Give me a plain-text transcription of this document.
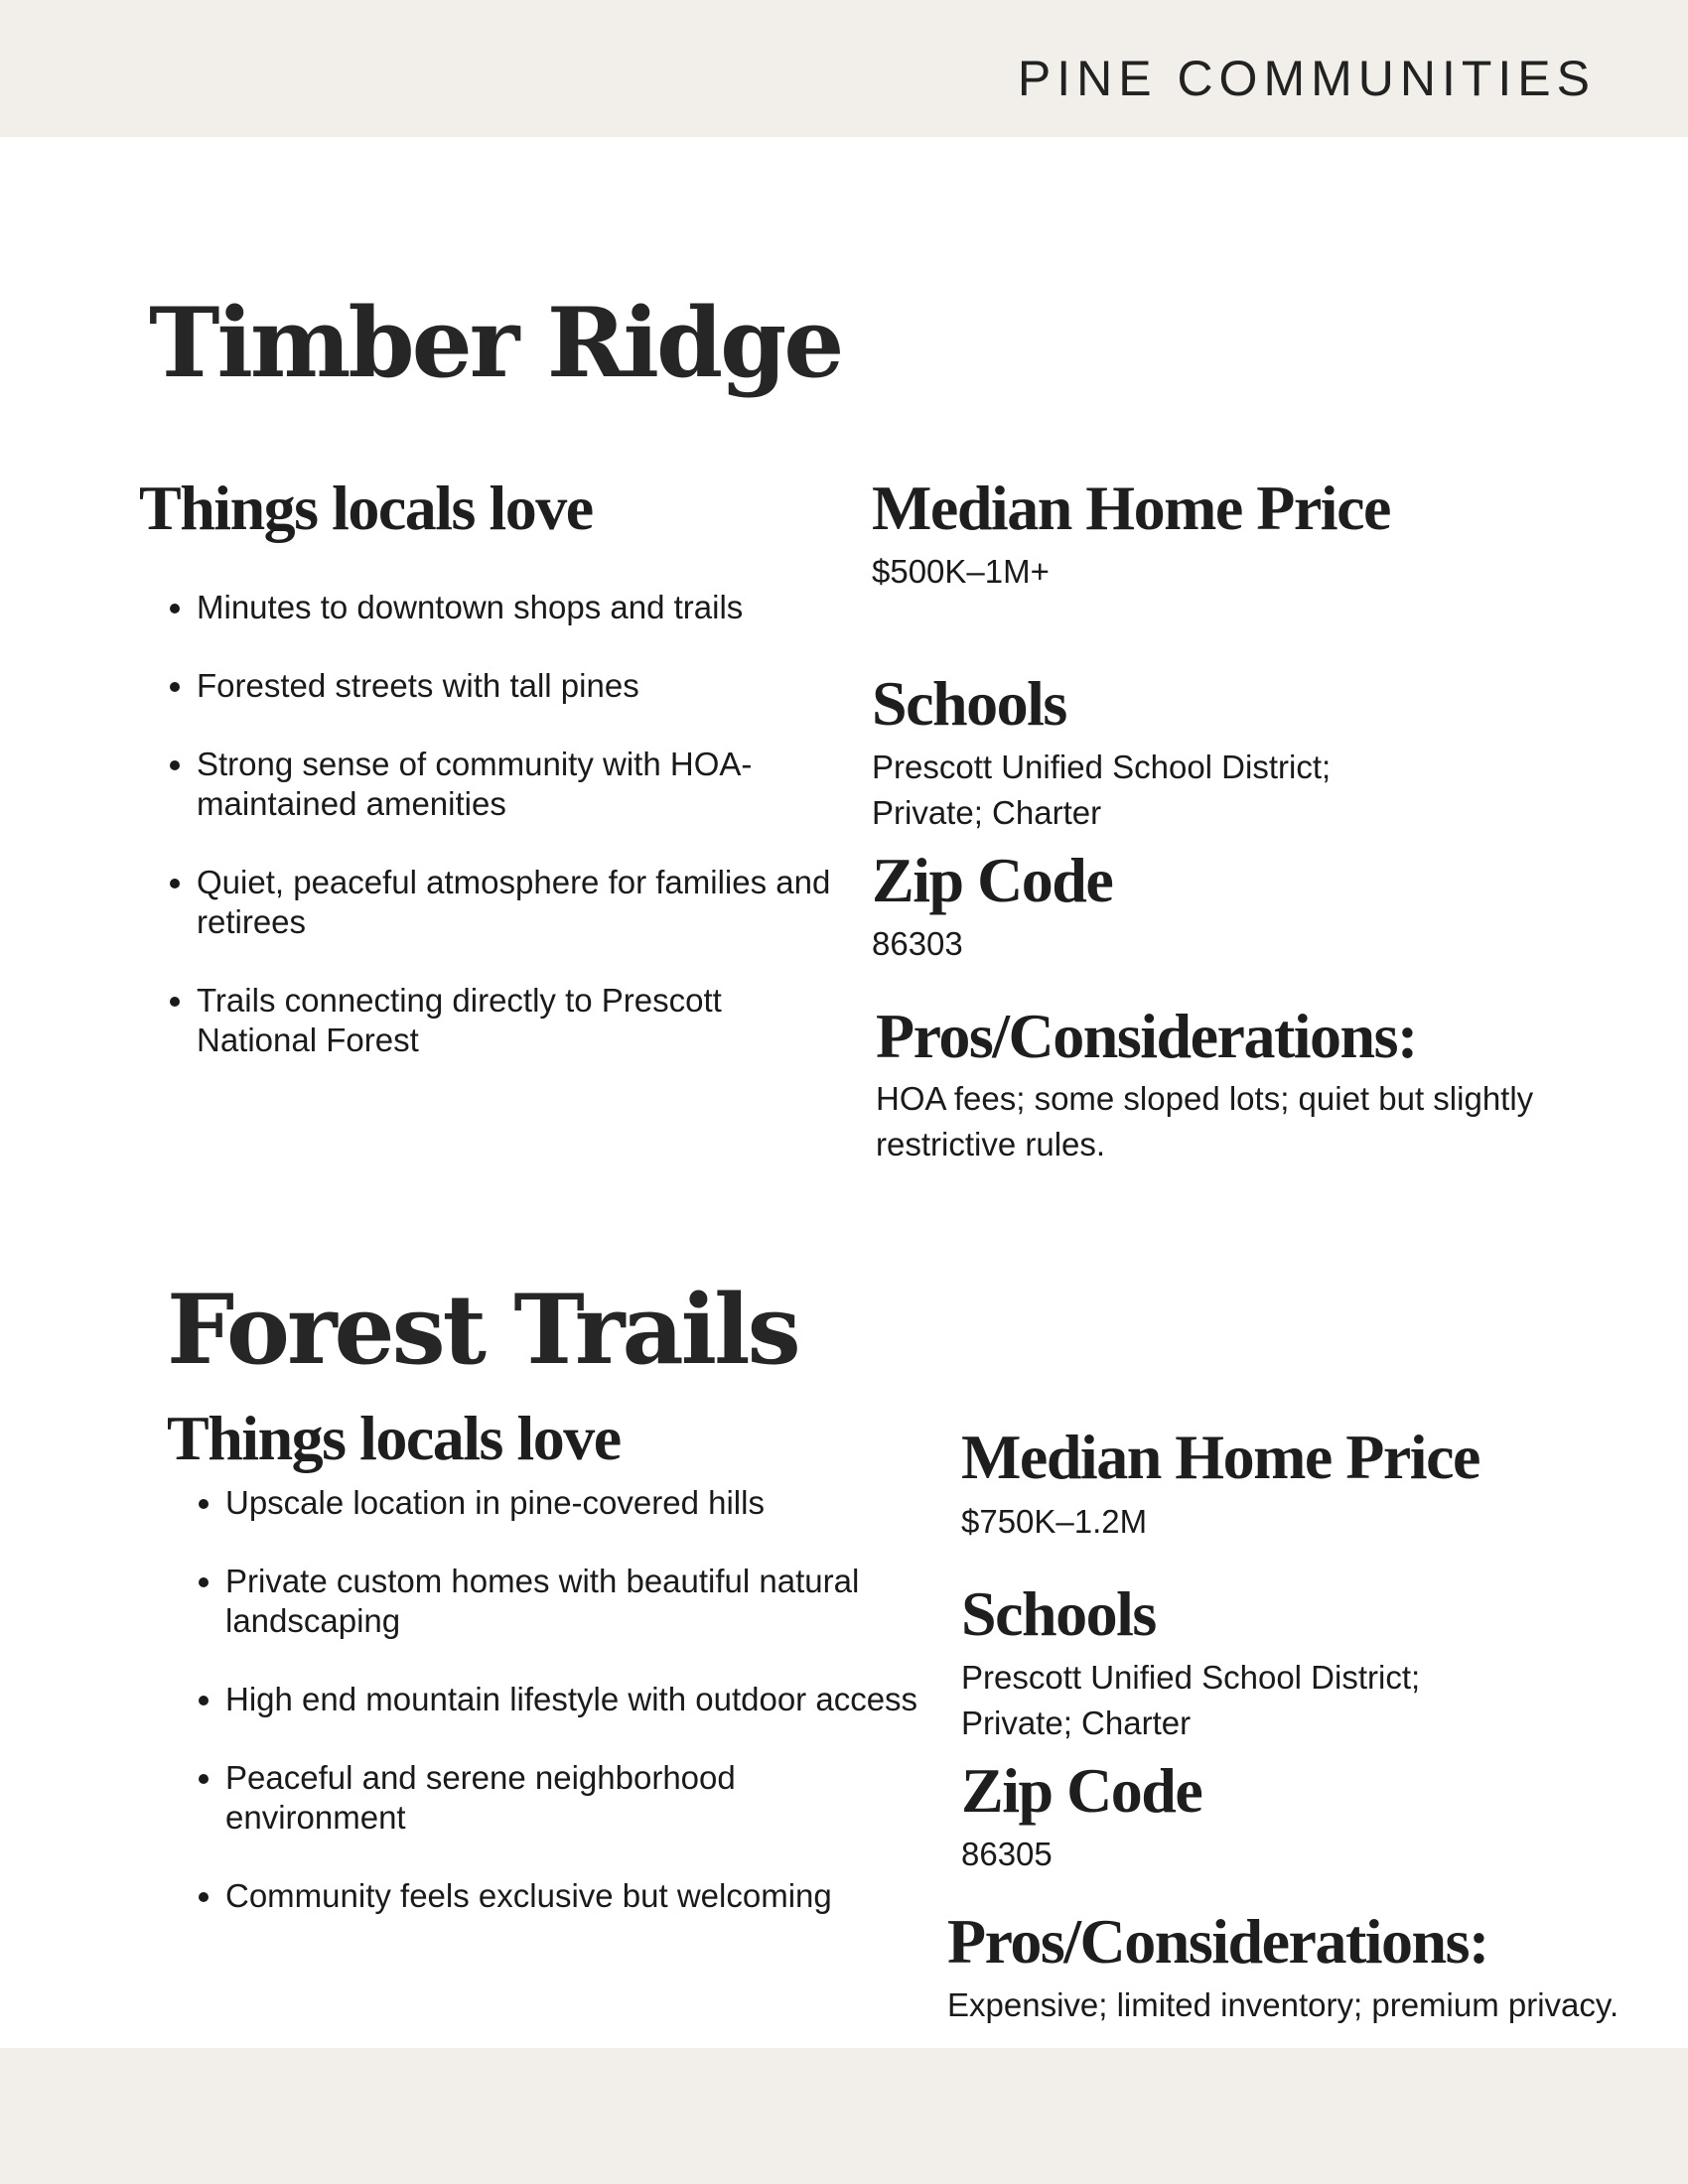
PINE COMMUNITIES
Timber Ridge
Things locals love
• Minutes to downtown shops and trails
• Forested streets with tall pines
• Strong sense of community with HOA-maintained amenities
• Quiet, peaceful atmosphere for families and retirees
• Trails connecting directly to Prescott National Forest
Median Home Price

$500K–1M+

Schools

Prescott Unified School District; Private; Charter

Zip Code

86303

Pros/Considerations:

HOA fees; some sloped lots; quiet but slightly restrictive rules.

Forest Trails
Things locals love
• Upscale location in pine-covered hills
• Private custom homes with beautiful natural landscaping
• High end mountain lifestyle with outdoor access
• Peaceful and serene neighborhood environment
• Community feels exclusive but welcoming
Median Home Price

$750K–1.2M

Schools

Prescott Unified School District; Private; Charter

Zip Code

86305

Pros/Considerations:

Expensive; limited inventory; premium privacy.
